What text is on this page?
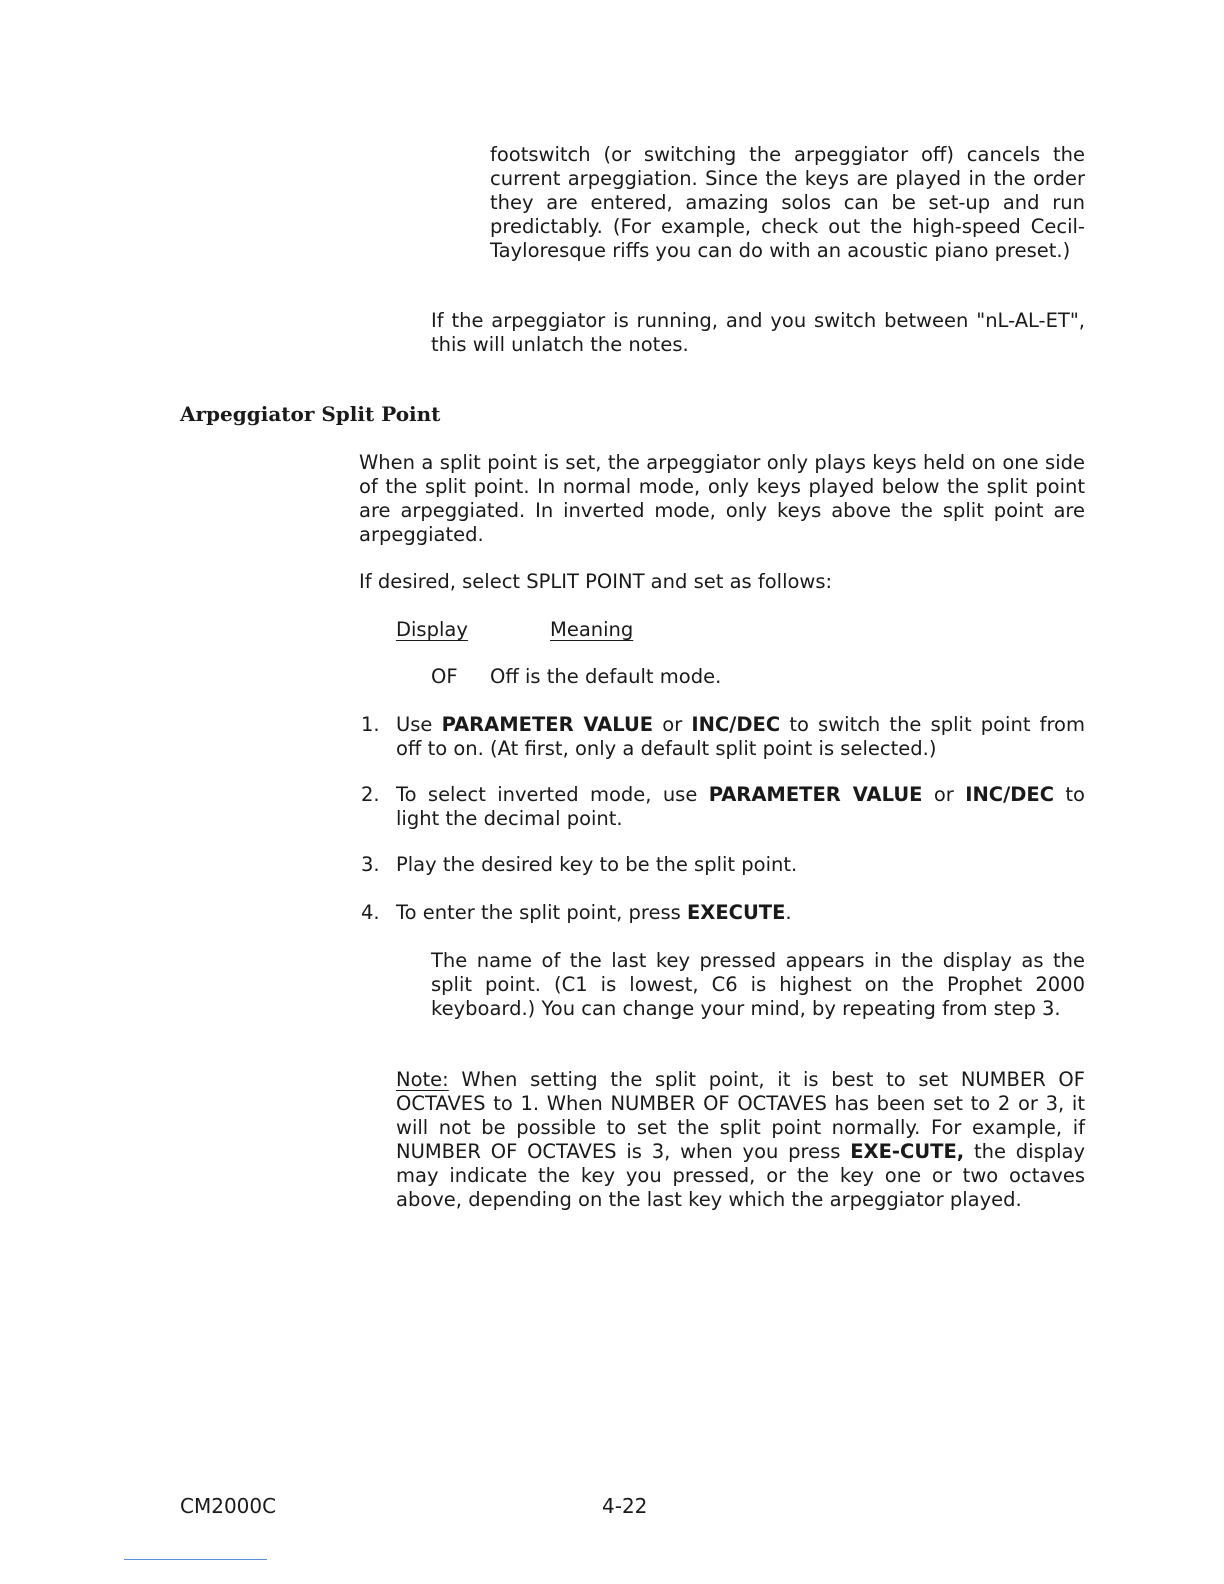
footswitch (or switching the arpeggiator off) cancels the current arpeggiation. Since the keys are played in the order they are entered, amazing solos can be set-up and run predictably. (For example, check out the high-speed Cecil-Tayloresque riffs you can do with an acoustic piano preset.)

If the arpeggiator is running, and you switch between "nL-AL-ET", this will unlatch the notes.

Arpeggiator Split Point

When a split point is set, the arpeggiator only plays keys held on one side of the split point. In normal mode, only keys played below the split point are arpeggiated. In inverted mode, only keys above the split point are arpeggiated.

If desired, select SPLIT POINT and set as follows:

Display	Meaning
OF Off is the default mode.
1. Use PARAMETER VALUE or INC/DEC to switch the split point from off to on. (At first, only a default split point is selected.)

2. To select inverted mode, use PARAMETER VALUE or INC/DEC to light the decimal point.

3. Play the desired key to be the split point.

4. To enter the split point, press EXECUTE.

The name of the last key pressed appears in the display as the split point. (C1 is lowest, C6 is highest on the Prophet 2000 keyboard.) You can change your mind, by repeating from step 3.

Note: When setting the split point, it is best to set NUMBER OF OCTAVES to 1. When NUMBER OF OCTAVES has been set to 2 or 3, it will not be possible to set the split point normally. For example, if NUMBER OF OCTAVES is 3, when you press EXE-CUTE, the display may indicate the key you pressed, or the key one or two octaves above, depending on the last key which the arpeggiator played.

CM2000C	4-22
